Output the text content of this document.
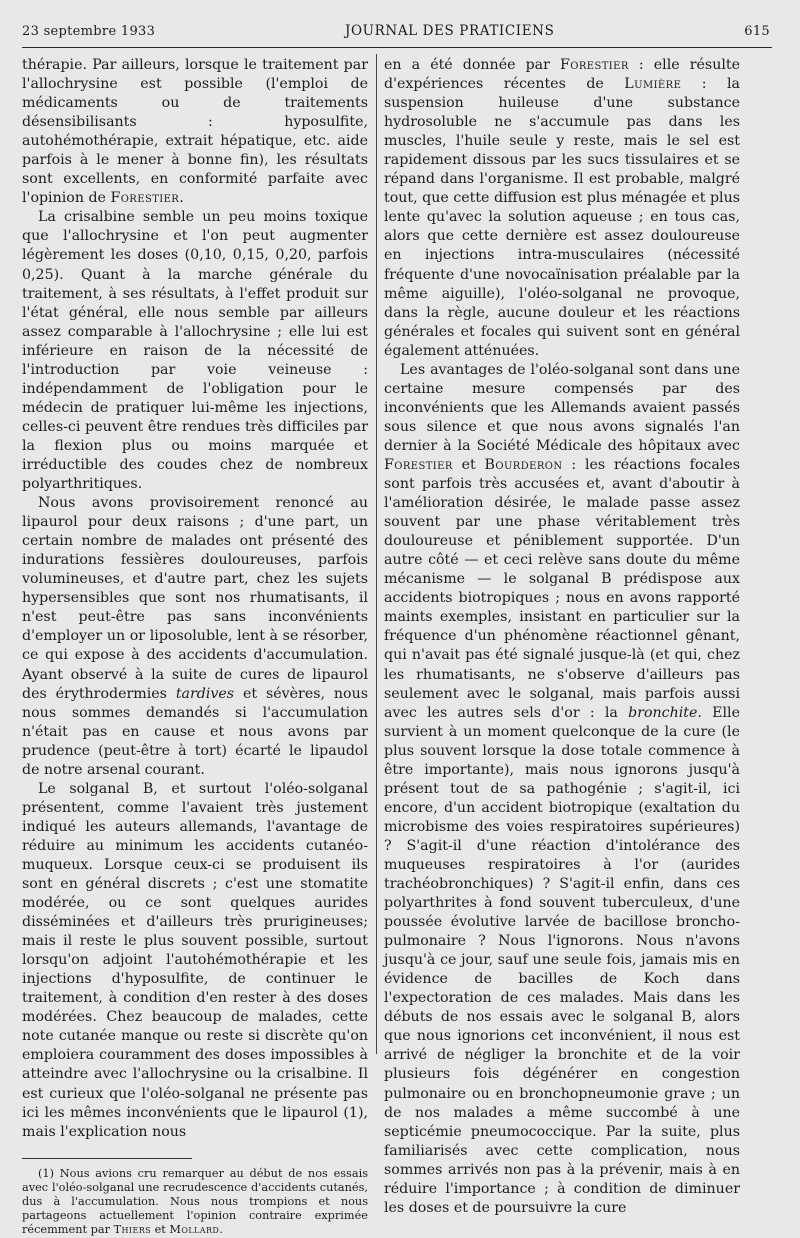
23 septembre 1933	JOURNAL DES PRATICIENS	615

thérapie. Par ailleurs, lorsque le traitement par l'allochrysine est possible (l'emploi de médicaments ou de traitements désensibilisants : hyposulfite, autohémothérapie, extrait hépatique, etc. aide parfois à le mener à bonne fin), les résultats sont excellents, en conformité parfaite avec l'opinion de Forestier.

La crisalbine semble un peu moins toxique que l'allochrysine et l'on peut augmenter légèrement les doses (0,10, 0,15, 0,20, parfois 0,25). Quant à la marche générale du traitement, à ses résultats, à l'effet produit sur l'état général, elle nous semble par ailleurs assez comparable à l'allochrysine ; elle lui est inférieure en raison de la nécessité de l'introduction par voie veineuse : indépendamment de l'obligation pour le médecin de pratiquer lui-même les injections, celles-ci peuvent être rendues très difficiles par la flexion plus ou moins marquée et irréductible des coudes chez de nombreux polyarthritiques.

Nous avons provisoirement renoncé au lipaurol pour deux raisons ; d'une part, un certain nombre de malades ont présenté des indurations fessières douloureuses, parfois volumineuses, et d'autre part, chez les sujets hypersensibles que sont nos rhumatisants, il n'est peut-être pas sans inconvénients d'employer un or liposoluble, lent à se résorber, ce qui expose à des accidents d'accumulation. Ayant observé à la suite de cures de lipaurol des érythrodermies tardives et sévères, nous nous sommes demandés si l'accumulation n'était pas en cause et nous avons par prudence (peut-être à tort) écarté le lipaudol de notre arsenal courant.

Le solganal B, et surtout l'oléo-solganal présentent, comme l'avaient très justement indiqué les auteurs allemands, l'avantage de réduire au minimum les accidents cutanéo-muqueux. Lorsque ceux-ci se produisent ils sont en général discrets ; c'est une stomatite modérée, ou ce sont quelques aurides disséminées et d'ailleurs très prurigineuses; mais il reste le plus souvent possible, surtout lorsqu'on adjoint l'autohémothérapie et les injections d'hyposulfite, de continuer le traitement, à condition d'en rester à des doses modérées. Chez beaucoup de malades, cette note cutanée manque ou reste si discrète qu'on emploiera couramment des doses impossibles à atteindre avec l'allochrysine ou la crisalbine. Il est curieux que l'oléo-solganal ne présente pas ici les mêmes inconvénients que le lipaurol (1), mais l'explication nous

(1) Nous avions cru remarquer au début de nos essais avec l'oléo-solganal une recrudescence d'accidents cutanés, dus à l'accumulation. Nous nous trompions et nous partageons actuellement l'opinion contraire exprimée récemment par Thiers et Mollard.

en a été donnée par Forestier : elle résulte d'expériences récentes de Lumière : la suspension huileuse d'une substance hydrosoluble ne s'accumule pas dans les muscles, l'huile seule y reste, mais le sel est rapidement dissous par les sucs tissulaires et se répand dans l'organisme. Il est probable, malgré tout, que cette diffusion est plus ménagée et plus lente qu'avec la solution aqueuse ; en tous cas, alors que cette dernière est assez douloureuse en injections intra-musculaires (nécessité fréquente d'une novocaïnisation préalable par la même aiguille), l'oléo-solganal ne provoque, dans la règle, aucune douleur et les réactions générales et focales qui suivent sont en général également atténuées.

Les avantages de l'oléo-solganal sont dans une certaine mesure compensés par des inconvénients que les Allemands avaient passés sous silence et que nous avons signalés l'an dernier à la Société Médicale des hôpitaux avec Forestier et Bourderon : les réactions focales sont parfois très accusées et, avant d'aboutir à l'amélioration désirée, le malade passe assez souvent par une phase véritablement très douloureuse et péniblement supportée. D'un autre côté — et ceci relève sans doute du même mécanisme — le solganal B prédispose aux accidents biotropiques ; nous en avons rapporté maints exemples, insistant en particulier sur la fréquence d'un phénomène réactionnel gênant, qui n'avait pas été signalé jusque-là (et qui, chez les rhumatisants, ne s'observe d'ailleurs pas seulement avec le solganal, mais parfois aussi avec les autres sels d'or : la bronchite. Elle survient à un moment quelconque de la cure (le plus souvent lorsque la dose totale commence à être importante), mais nous ignorons jusqu'à présent tout de sa pathogénie ; s'agit-il, ici encore, d'un accident biotropique (exaltation du microbisme des voies respiratoires supérieures) ? S'agit-il d'une réaction d'intolérance des muqueuses respiratoires à l'or (aurides trachéobronchiques) ? S'agit-il enfin, dans ces polyarthrites à fond souvent tuberculeux, d'une poussée évolutive larvée de bacillose broncho-pulmonaire ? Nous l'ignorons. Nous n'avons jusqu'à ce jour, sauf une seule fois, jamais mis en évidence de bacilles de Koch dans l'expectoration de ces malades. Mais dans les débuts de nos essais avec le solganal B, alors que nous ignorions cet inconvénient, il nous est arrivé de négliger la bronchite et de la voir plusieurs fois dégénérer en congestion pulmonaire ou en bronchopneumonie grave ; un de nos malades a même succombé à une septicémie pneumococcique. Par la suite, plus familiarisés avec cette complication, nous sommes arrivés non pas à la prévenir, mais à en réduire l'importance ; à condition de diminuer les doses et de poursuivre la cure
